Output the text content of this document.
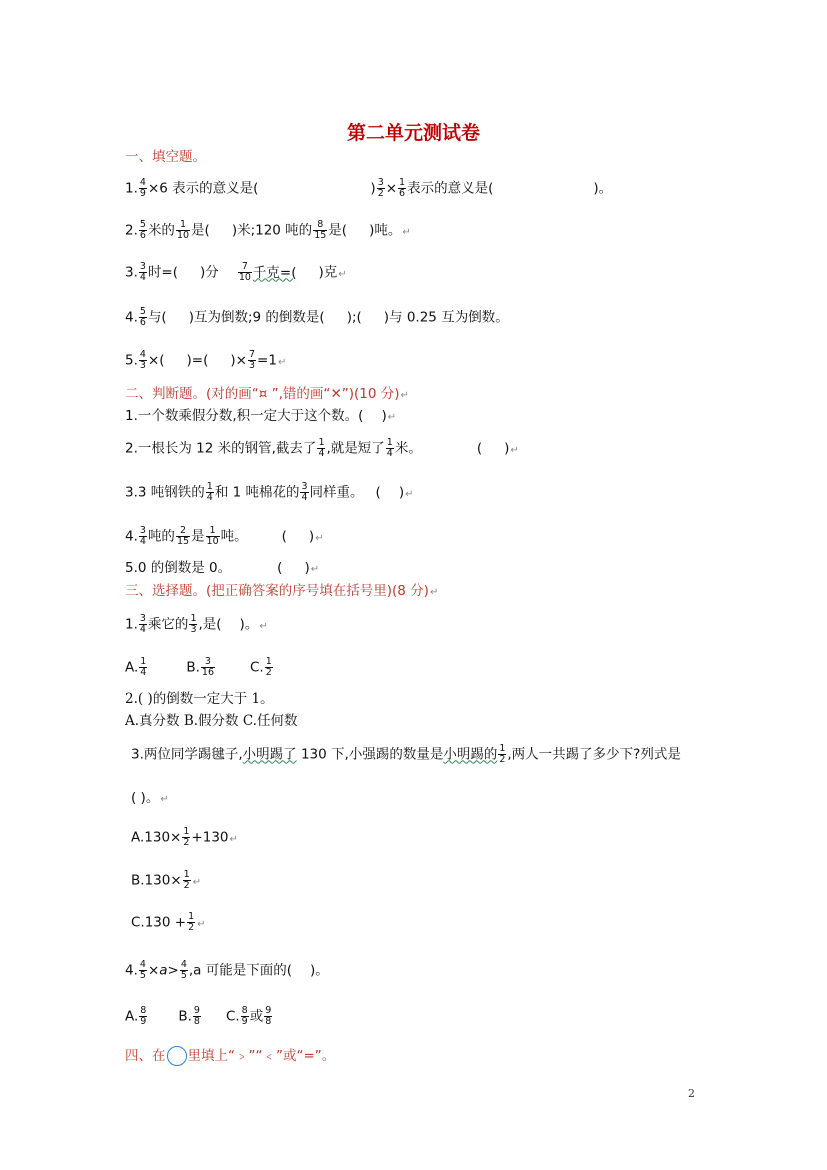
第二单元测试卷
一、填空题。
1. $\frac{4}{9} \times 6$ 表示的意义是(	) $\frac{3}{2} \times \frac{1}{6}$ 表示的意义是(	)。
2. $\frac{5}{6}$ 米的 $\frac{1}{10}$ 是( )米;120 吨的 $\frac{8}{15}$ 是( )吨。↵
3. $\frac{3}{4}$ 时=( )分 $\frac{7}{10}$ 千克=( )克↵
4. $\frac{5}{6}$ 与( )互为倒数;9 的倒数是( );( )与 0.25 互为倒数。
5. $\frac{4}{3}$ ×( )=( )× $\frac{7}{3}$ =1↵
二、判断题。(对的画“¤ ”,错的画“✕”)(10 分)↵
1.一个数乘假分数,积一定大于这个数。( )↵
2.一根长为 12 米的钢管,截去了 $\frac{1}{4}$ ,就是短了 $\frac{1}{4}$ 米。	( )↵
3.3 吨钢铁的 $\frac{1}{4}$ 和 1 吨棉花的 $\frac{3}{4}$ 同样重。 ( )↵
4. $\frac{3}{4}$ 吨的 $\frac{2}{15}$ 是 $\frac{1}{10}$ 吨。	( )↵
5.0 的倒数是 0。	( )↵
三、选择题。(把正确答案的序号填在括号里)(8 分)↵
1. $\frac{3}{4}$ 乘它的 $\frac{1}{3}$ ,是( )。↵
A. $\frac{1}{4}$	B. $\frac{3}{16}$	C. $\frac{1}{2}$
2.( )的倒数一定大于 1。
A.真分数 B.假分数 C.任何数
3.两位同学踢毽子,小明踢了 130 下,小强踢的数量是小明踢的 $\frac{1}{2}$ ,两人一共踢了多少下?列式是
( )。↵
$A.130\times \frac{1}{2}$ +130↵
$B.130\times \frac{1}{2}$ ↵
$C.130 + \frac{1}{2}$ ↵
4. $\frac{4}{5} \times a> \frac{4}{5} ,a$ 可能是下面的( )。
A. $\frac{8}{9} B$. $\frac{9}{8} C$. $\frac{8}{9}$ 或 $\frac{9}{8}$
四、在 里填上“﹥”“﹤”或“=”。
2
